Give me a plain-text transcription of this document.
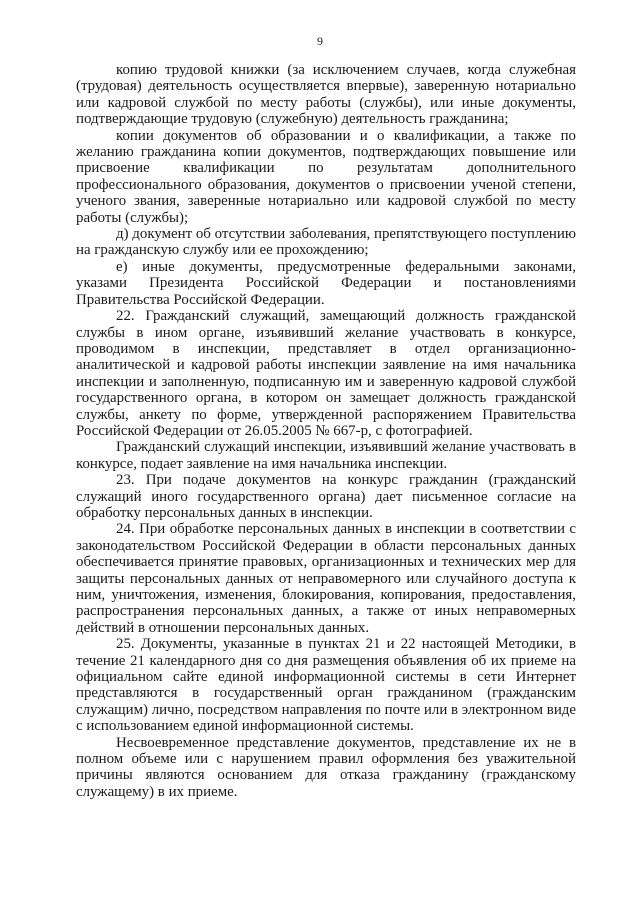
9

копию трудовой книжки (за исключением случаев, когда служебная (трудовая) деятельность осуществляется впервые), заверенную нотариально или кадровой службой по месту работы (службы), или иные документы, подтверждающие трудовую (служебную) деятельность гражданина;

копии документов об образовании и о квалификации, а также по желанию гражданина копии документов, подтверждающих повышение или присвоение квалификации по результатам дополнительного профессионального образования, документов о присвоении ученой степени, ученого звания, заверенные нотариально или кадровой службой по месту работы (службы);

д) документ об отсутствии заболевания, препятствующего поступлению на гражданскую службу или ее прохождению;

е) иные документы, предусмотренные федеральными законами, указами Президента Российской Федерации и постановлениями Правительства Российской Федерации.

22. Гражданский служащий, замещающий должность гражданской службы в ином органе, изъявивший желание участвовать в конкурсе, проводимом в инспекции, представляет в отдел организационно-аналитической и кадровой работы инспекции заявление на имя начальника инспекции и заполненную, подписанную им и заверенную кадровой службой государственного органа, в котором он замещает должность гражданской службы, анкету по форме, утвержденной распоряжением Правительства Российской Федерации от 26.05.2005 № 667-р, с фотографией.

Гражданский служащий инспекции, изъявивший желание участвовать в конкурсе, подает заявление на имя начальника инспекции.

23. При подаче документов на конкурс гражданин (гражданский служащий иного государственного органа) дает письменное согласие на обработку персональных данных в инспекции.

24. При обработке персональных данных в инспекции в соответствии с законодательством Российской Федерации в области персональных данных обеспечивается принятие правовых, организационных и технических мер для защиты персональных данных от неправомерного или случайного доступа к ним, уничтожения, изменения, блокирования, копирования, предоставления, распространения персональных данных, а также от иных неправомерных действий в отношении персональных данных.

25. Документы, указанные в пунктах 21 и 22 настоящей Методики, в течение 21 календарного дня со дня размещения объявления об их приеме на официальном сайте единой информационной системы в сети Интернет представляются в государственный орган гражданином (гражданским служащим) лично, посредством направления по почте или в электронном виде с использованием единой информационной системы.

Несвоевременное представление документов, представление их не в полном объеме или с нарушением правил оформления без уважительной причины являются основанием для отказа гражданину (гражданскому служащему) в их приеме.
